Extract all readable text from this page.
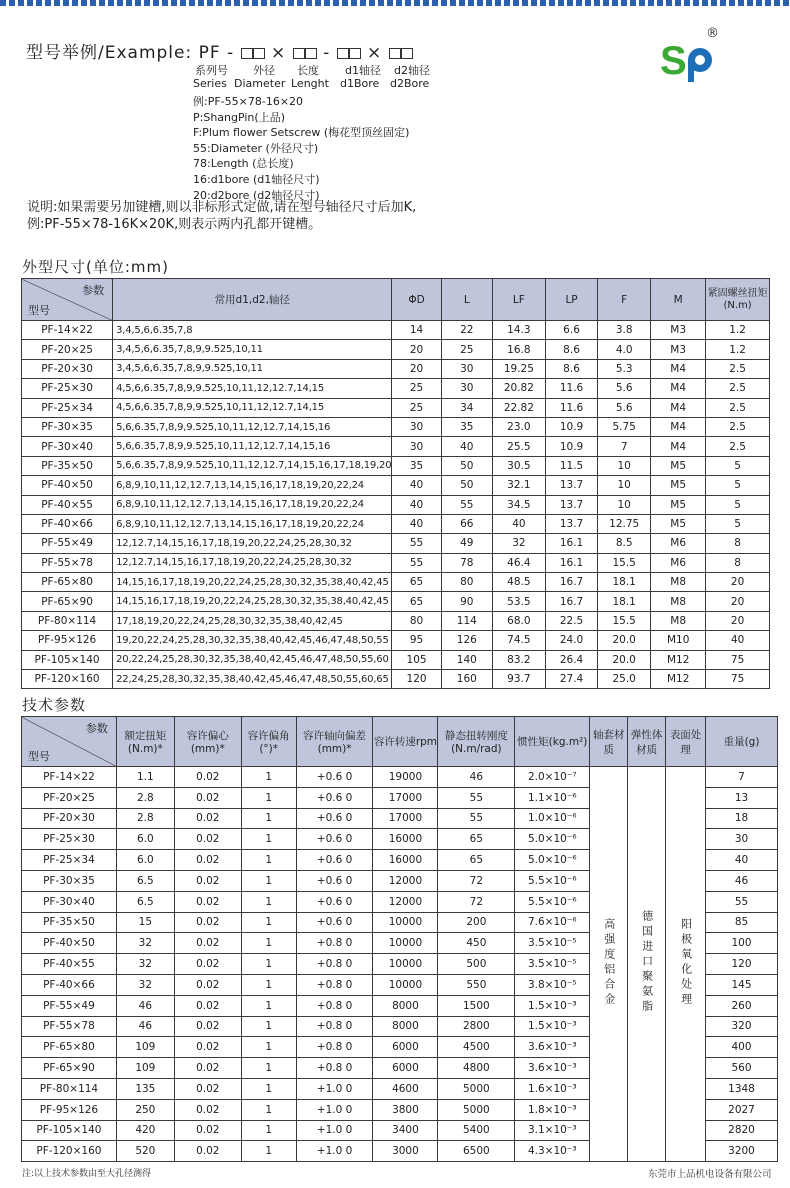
S
®
型号举例/Example: PF - × - ×
系列号 外径 长度 d1轴径 d2轴径
Series Diameter Lenght d1Bore d2Bore
例:PF-55×78-16×20
P:ShangPin(上品)
F:Plum flower Setscrew (梅花型顶丝固定)
55:Diameter (外径尺寸)
78:Length (总长度)
16:d1bore (d1轴径尺寸)
20:d2bore (d2轴径尺寸)
说明:如果需要另加键槽,则以非标形式定做,请在型号轴径尺寸后加K,
例:PF-55×78-16K×20K,则表示两内孔都开键槽。
外型尺寸(单位:mm)
参数
型号	常用d1,d2,轴径	ΦD	L	LF	LP	F	M	紧固螺丝扭矩(N.m)
PF-14×22	3,4,5,6,6.35,7,8	14	22	14.3	6.6	3.8	M3	1.2
PF-20×25	3,4,5,6,6.35,7,8,9,9.525,10,11	20	25	16.8	8.6	4.0	M3	1.2
PF-20×30	3,4,5,6,6.35,7,8,9,9.525,10,11	20	30	19.25	8.6	5.3	M4	2.5
PF-25×30	4,5,6,6.35,7,8,9,9.525,10,11,12,12.7,14,15	25	30	20.82	11.6	5.6	M4	2.5
PF-25×34	4,5,6,6.35,7,8,9,9.525,10,11,12,12.7,14,15	25	34	22.82	11.6	5.6	M4	2.5
PF-30×35	5,6,6.35,7,8,9,9.525,10,11,12,12.7,14,15,16	30	35	23.0	10.9	5.75	M4	2.5
PF-30×40	5,6,6.35,7,8,9,9.525,10,11,12,12.7,14,15,16	30	40	25.5	10.9	7	M4	2.5
PF-35×50	5,6,6.35,7,8,9,9.525,10,11,12,12.7,14,15,16,17,18,19,20	35	50	30.5	11.5	10	M5	5
PF-40×50	6,8,9,10,11,12,12.7,13,14,15,16,17,18,19,20,22,24	40	50	32.1	13.7	10	M5	5
PF-40×55	6,8,9,10,11,12,12.7,13,14,15,16,17,18,19,20,22,24	40	55	34.5	13.7	10	M5	5
PF-40×66	6,8,9,10,11,12,12.7,13,14,15,16,17,18,19,20,22,24	40	66	40	13.7	12.75	M5	5
PF-55×49	12,12.7,14,15,16,17,18,19,20,22,24,25,28,30,32	55	49	32	16.1	8.5	M6	8
PF-55×78	12,12.7,14,15,16,17,18,19,20,22,24,25,28,30,32	55	78	46.4	16.1	15.5	M6	8
PF-65×80	14,15,16,17,18,19,20,22,24,25,28,30,32,35,38,40,42,45	65	80	48.5	16.7	18.1	M8	20
PF-65×90	14,15,16,17,18,19,20,22,24,25,28,30,32,35,38,40,42,45	65	90	53.5	16.7	18.1	M8	20
PF-80×114	17,18,19,20,22,24,25,28,30,32,35,38,40,42,45	80	114	68.0	22.5	15.5	M8	20
PF-95×126	19,20,22,24,25,28,30,32,35,38,40,42,45,46,47,48,50,55	95	126	74.5	24.0	20.0	M10	40
PF-105×140	20,22,24,25,28,30,32,35,38,40,42,45,46,47,48,50,55,60	105	140	83.2	26.4	20.0	M12	75
PF-120×160	22,24,25,28,30,32,35,38,40,42,45,46,47,48,50,55,60,65	120	160	93.7	27.4	25.0	M12	75
技术参数
参数
型号	额定扭矩(N.m)*	容许偏心(mm)*	容许偏角(°)*	容许轴向偏差(mm)*	容许转速rpm	静态扭转刚度(N.m/rad)	惯性矩(kg.m²)	轴套材质	弹性体材质	表面处理	重量(g)
PF-14×22	1.1	0.02	1	+0.6 0	19000	46	2.0×10⁻⁷	高强度铝合金	德国进口聚氨脂	阳极氧化处理	7
PF-20×25	2.8	0.02	1	+0.6 0	17000	55	1.1×10⁻⁶				13
PF-20×30	2.8	0.02	1	+0.6 0	17000	55	1.0×10⁻⁶				18
PF-25×30	6.0	0.02	1	+0.6 0	16000	65	5.0×10⁻⁶				30
PF-25×34	6.0	0.02	1	+0.6 0	16000	65	5.0×10⁻⁶				40
PF-30×35	6.5	0.02	1	+0.6 0	12000	72	5.5×10⁻⁶				46
PF-30×40	6.5	0.02	1	+0.6 0	12000	72	5.5×10⁻⁶				55
PF-35×50	15	0.02	1	+0.6 0	10000	200	7.6×10⁻⁶				85
PF-40×50	32	0.02	1	+0.8 0	10000	450	3.5×10⁻⁵				100
PF-40×55	32	0.02	1	+0.8 0	10000	500	3.5×10⁻⁵				120
PF-40×66	32	0.02	1	+0.8 0	10000	550	3.8×10⁻⁵				145
PF-55×49	46	0.02	1	+0.8 0	8000	1500	1.5×10⁻³				260
PF-55×78	46	0.02	1	+0.8 0	8000	2800	1.5×10⁻³				320
PF-65×80	109	0.02	1	+0.8 0	6000	4500	3.6×10⁻³				400
PF-65×90	109	0.02	1	+0.8 0	6000	4800	3.6×10⁻³				560
PF-80×114	135	0.02	1	+1.0 0	4600	5000	1.6×10⁻³				1348
PF-95×126	250	0.02	1	+1.0 0	3800	5000	1.8×10⁻³				2027
PF-105×140	420	0.02	1	+1.0 0	3400	5400	3.1×10⁻³				2820
PF-120×160	520	0.02	1	+1.0 0	3000	6500	4.3×10⁻³				3200
注:以上技术参数由至大孔径测得	东莞市上品机电设备有限公司
